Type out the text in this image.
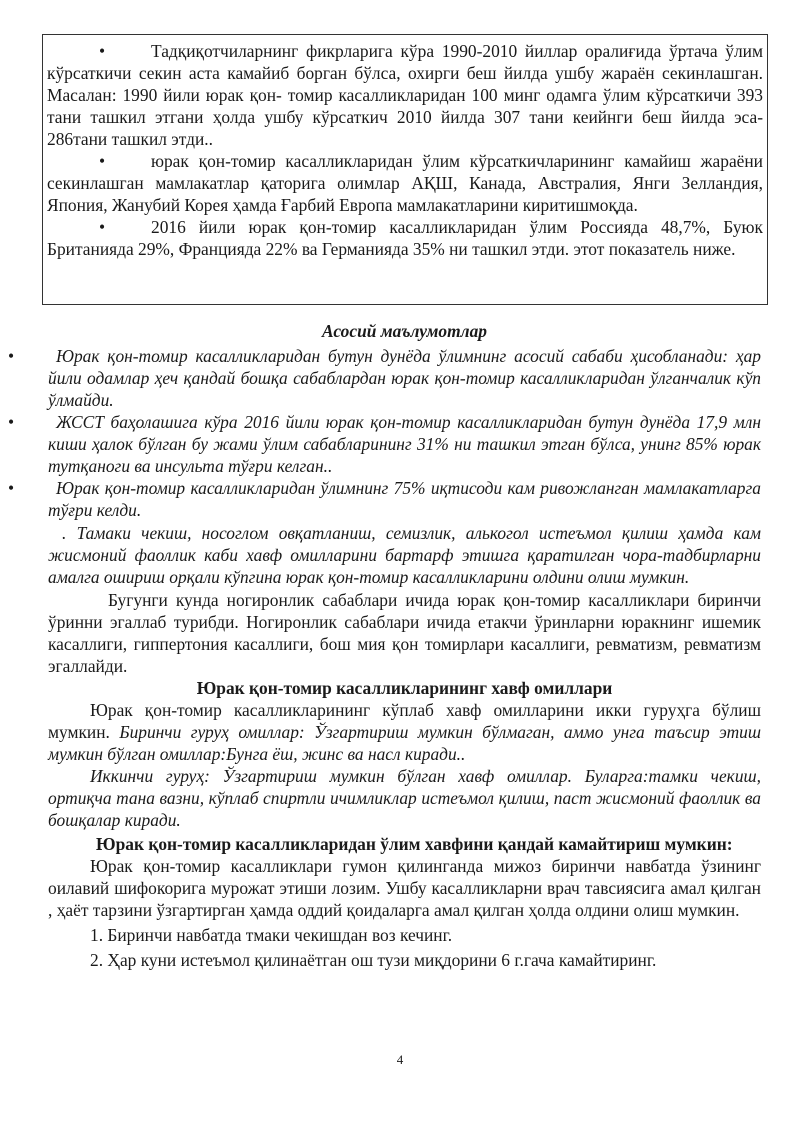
•	Тадқиқотчиларнинг фикрларига кўра 1990-2010 йиллар оралиғида ўртача ўлим кўрсаткичи секин аста камайиб борган бўлса, охирги беш йилда ушбу жараён секинлашган. Масалан: 1990 йили юрак қон- томир касалликларидан 100 минг одамга ўлим кўрсаткичи 393 тани ташкил этгани ҳолда ушбу кўрсаткич 2010 йилда 307 тани кеийнги беш йилда эса- 286тани ташкил этди..

•	юрак қон-томир касалликларидан ўлим кўрсаткичларининг камайиш жараёни секинлашган мамлакатлар қаторига олимлар АҚШ, Канада, Австралия, Янги Зелландия, Япония, Жанубий Корея ҳамда Ғарбий Европа мамлакатларини киритишмоқда.

•	2016 йили юрак қон-томир касалликларидан ўлим Россияда 48,7%, Буюк Британияда 29%, Францияда 22% ва Германияда 35% ни ташкил этди. этот показатель ниже.

Асосий маълумотлар

• Юрак қон-томир касалликларидан бутун дунёда ўлимнинг асосий сабаби ҳисобланади: ҳар йили одамлар ҳеч қандай бошқа сабаблардан юрак қон-томир касалликларидан ўлганчалик кўп ўлмайди.

• ЖССТ баҳолашига кўра 2016 йили юрак қон-томир касалликларидан бутун дунёда 17,9 млн киши ҳалок бўлган бу жами ўлим сабабларининг 31% ни ташкил этган бўлса, унинг 85% юрак тутқаноги ва инсульта тўғри келган..

• Юрак қон-томир касалликларидан ўлимнинг 75% иқтисоди кам ривожланган мамлакатларга тўғри келди.

. Тамаки чекиш, носоглом овқатланиш, семизлик, алькогол истеъмол қилиш ҳамда кам жисмоний фаоллик каби хавф омилларини бартарф этишга қаратилган чора-тадбирларни амалга ошириш орқали кўпгина юрак қон-томир касалликларини олдини олиш мумкин.

Бугунги кунда ногиронлик сабаблари ичида юрак қон-томир касалликлари биринчи ўринни эгаллаб турибди. Ногиронлик сабаблари ичида етакчи ўринларни юракнинг ишемик касаллиги, гиппертония касаллиги, бош мия қон томирлари касаллиги, ревматизм, ревматизм эгаллайди.

Юрак қон-томир касалликларининг хавф омиллари

Юрак қон-томир касалликларининг кўплаб хавф омилларини икки гуруҳга бўлиш мумкин. Биринчи гуруҳ омиллар: Ўзгартириш мумкин бўлмаган, аммо унга таъсир этиш мумкин бўлган омиллар:Бунга ёш, жинс ва насл киради..

Иккинчи гуруҳ: Ўзгартириш мумкин бўлган хавф омиллар. Буларга:тамки чекиш, ортиқча тана вазни, кўплаб спиртли ичимликлар истеъмол қилиш, паст жисмоний фаоллик ва бошқалар киради.

Юрак қон-томир касалликларидан ўлим хавфини қандай камайтириш мумкин:

Юрак қон-томир касалликлари гумон қилинганда мижоз биринчи навбатда ўзининг оилавий шифокорига мурожат этиши лозим. Ушбу касалликларни врач тавсиясига амал қилган , ҳаёт тарзини ўзгартирган ҳамда оддий қоидаларга амал қилган ҳолда олдини олиш мумкин.

1. Биринчи навбатда тмаки чекишдан воз кечинг.

2. Ҳар куни истеъмол қилинаётган ош тузи миқдорини 6 г.гача камайтиринг.

4
